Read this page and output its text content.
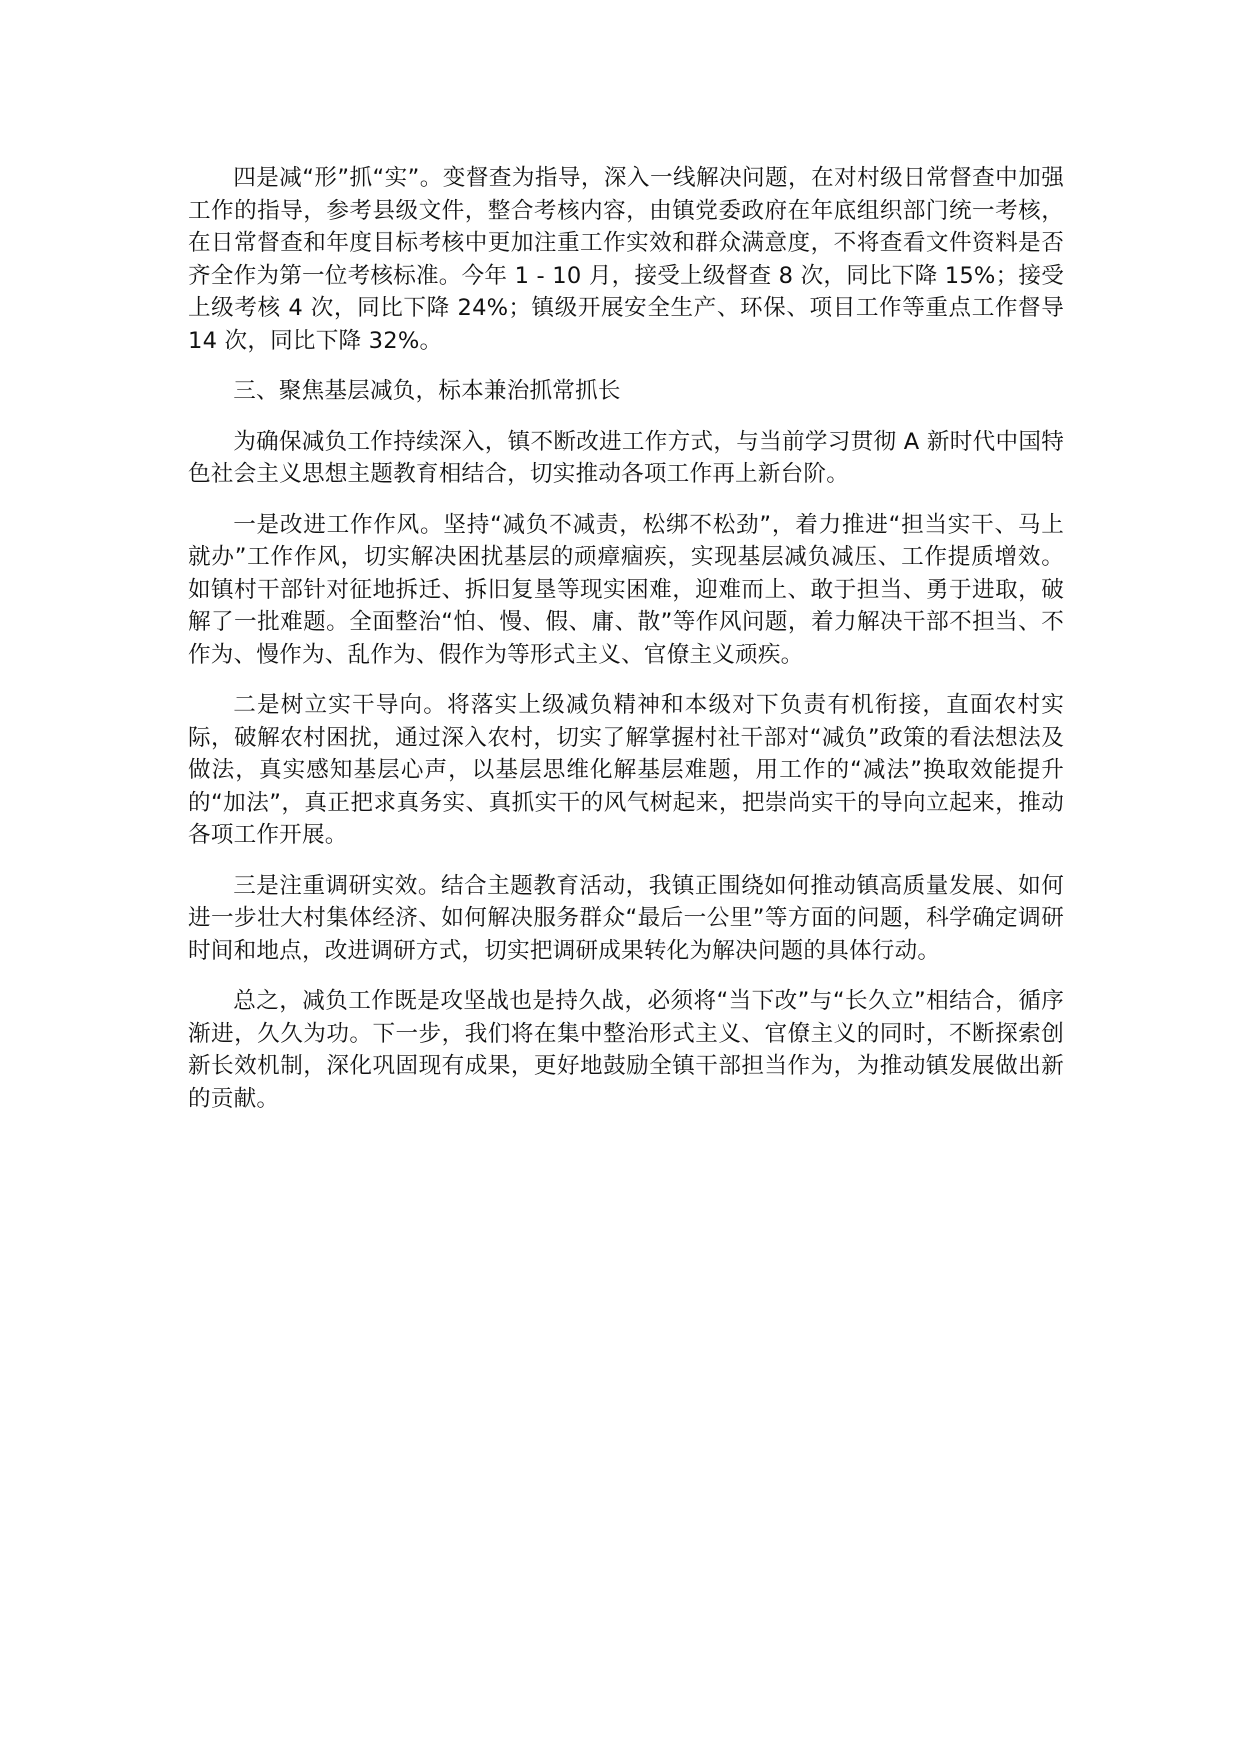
四是减“形”抓“实”。变督查为指导，深入一线解决问题，在对村级日常督查中加强工作的指导，参考县级文件，整合考核内容，由镇党委政府在年底组织部门统一考核，在日常督查和年度目标考核中更加注重工作实效和群众满意度，不将查看文件资料是否齐全作为第一位考核标准。今年 1 - 10 月，接受上级督查 8 次，同比下降 15%；接受上级考核 4 次，同比下降 24%；镇级开展安全生产、环保、项目工作等重点工作督导 14 次，同比下降 32%。

三、聚焦基层减负，标本兼治抓常抓长

为确保减负工作持续深入，镇不断改进工作方式，与当前学习贯彻 A 新时代中国特色社会主义思想主题教育相结合，切实推动各项工作再上新台阶。

一是改进工作作风。坚持“减负不减责，松绑不松劲”，着力推进“担当实干、马上就办”工作作风，切实解决困扰基层的顽瘴痼疾，实现基层减负减压、工作提质增效。如镇村干部针对征地拆迁、拆旧复垦等现实困难，迎难而上、敢于担当、勇于进取，破解了一批难题。全面整治“怕、慢、假、庸、散”等作风问题，着力解决干部不担当、不作为、慢作为、乱作为、假作为等形式主义、官僚主义顽疾。

二是树立实干导向。将落实上级减负精神和本级对下负责有机衔接，直面农村实际，破解农村困扰，通过深入农村，切实了解掌握村社干部对“减负”政策的看法想法及做法，真实感知基层心声，以基层思维化解基层难题，用工作的“减法”换取效能提升的“加法”，真正把求真务实、真抓实干的风气树起来，把崇尚实干的导向立起来，推动各项工作开展。

三是注重调研实效。结合主题教育活动，我镇正围绕如何推动镇高质量发展、如何进一步壮大村集体经济、如何解决服务群众“最后一公里”等方面的问题，科学确定调研时间和地点，改进调研方式，切实把调研成果转化为解决问题的具体行动。

总之，减负工作既是攻坚战也是持久战，必须将“当下改”与“长久立”相结合，循序渐进，久久为功。下一步，我们将在集中整治形式主义、官僚主义的同时，不断探索创新长效机制，深化巩固现有成果，更好地鼓励全镇干部担当作为，为推动镇发展做出新的贡献。
